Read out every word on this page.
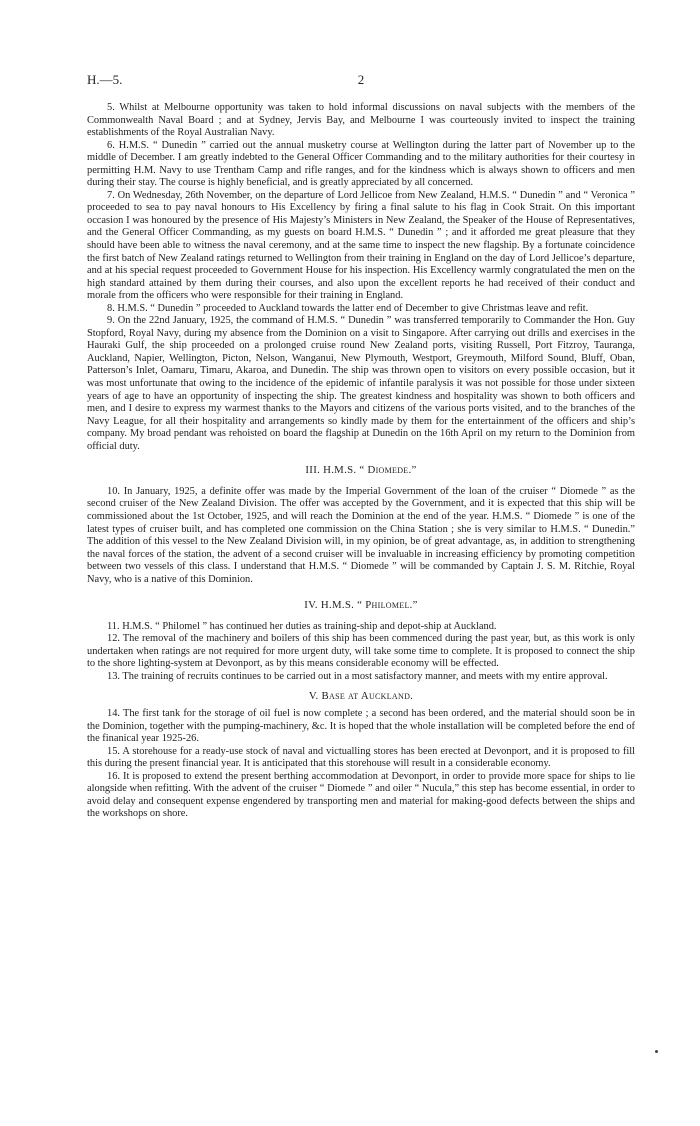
H.—5.	2

5. Whilst at Melbourne opportunity was taken to hold informal discussions on naval subjects with the members of the Commonwealth Naval Board ; and at Sydney, Jervis Bay, and Melbourne I was courteously invited to inspect the training establishments of the Royal Australian Navy.

6. H.M.S. “ Dunedin ” carried out the annual musketry course at Wellington during the latter part of November up to the middle of December. I am greatly indebted to the General Officer Commanding and to the military authorities for their courtesy in permitting H.M. Navy to use Trentham Camp and rifle ranges, and for the kindness which is always shown to officers and men during their stay. The course is highly beneficial, and is greatly appreciated by all concerned.

7. On Wednesday, 26th November, on the departure of Lord Jellicoe from New Zealand, H.M.S. “ Dunedin ” and “ Veronica ” proceeded to sea to pay naval honours to His Excellency by firing a final salute to his flag in Cook Strait. On this important occasion I was honoured by the presence of His Majesty’s Ministers in New Zealand, the Speaker of the House of Representatives, and the General Officer Commanding, as my guests on board H.M.S. “ Dunedin ” ; and it afforded me great pleasure that they should have been able to witness the naval ceremony, and at the same time to inspect the new flagship. By a fortunate coincidence the first batch of New Zealand ratings returned to Wellington from their training in England on the day of Lord Jellicoe’s departure, and at his special request proceeded to Government House for his inspection. His Excellency warmly congratulated the men on the high standard attained by them during their courses, and also upon the excellent reports he had received of their conduct and morale from the officers who were responsible for their training in England.

8. H.M.S. “ Dunedin ” proceeded to Auckland towards the latter end of December to give Christmas leave and refit.

9. On the 22nd January, 1925, the command of H.M.S. “ Dunedin ” was transferred temporarily to Commander the Hon. Guy Stopford, Royal Navy, during my absence from the Dominion on a visit to Singapore. After carrying out drills and exercises in the Hauraki Gulf, the ship proceeded on a prolonged cruise round New Zealand ports, visiting Russell, Port Fitzroy, Tauranga, Auckland, Napier, Wellington, Picton, Nelson, Wanganui, New Plymouth, Westport, Greymouth, Milford Sound, Bluff, Oban, Patterson’s Inlet, Oamaru, Timaru, Akaroa, and Dunedin. The ship was thrown open to visitors on every possible occasion, but it was most unfortunate that owing to the incidence of the epidemic of infantile paralysis it was not possible for those under sixteen years of age to have an opportunity of inspecting the ship. The greatest kindness and hospitality was shown to both officers and men, and I desire to express my warmest thanks to the Mayors and citizens of the various ports visited, and to the branches of the Navy League, for all their hospitality and arrangements so kindly made by them for the entertainment of the officers and ship’s company. My broad pendant was rehoisted on board the flagship at Dunedin on the 16th April on my return to the Dominion from official duty.

III. H.M.S. “ Diomede.”

10. In January, 1925, a definite offer was made by the Imperial Government of the loan of the cruiser “ Diomede ” as the second cruiser of the New Zealand Division. The offer was accepted by the Government, and it is expected that this ship will be commissioned about the 1st October, 1925, and will reach the Dominion at the end of the year. H.M.S. “ Diomede ” is one of the latest types of cruiser built, and has completed one commission on the China Station ; she is very similar to H.M.S. “ Dunedin.” The addition of this vessel to the New Zealand Division will, in my opinion, be of great advantage, as, in addition to strengthening the naval forces of the station, the advent of a second cruiser will be invaluable in increasing efficiency by promoting competition between two vessels of this class. I understand that H.M.S. “ Diomede ” will be commanded by Captain J. S. M. Ritchie, Royal Navy, who is a native of this Dominion.

IV. H.M.S. “ Philomel.”

11. H.M.S. “ Philomel ” has continued her duties as training-ship and depot-ship at Auckland.

12. The removal of the machinery and boilers of this ship has been commenced during the past year, but, as this work is only undertaken when ratings are not required for more urgent duty, will take some time to complete. It is proposed to connect the ship to the shore lighting-system at Devonport, as by this means considerable economy will be effected.

13. The training of recruits continues to be carried out in a most satisfactory manner, and meets with my entire approval.

V. Base at Auckland.

14. The first tank for the storage of oil fuel is now complete ; a second has been ordered, and the material should soon be in the Dominion, together with the pumping-machinery, &c. It is hoped that the whole installation will be completed before the end of the finanical year 1925-26.

15. A storehouse for a ready-use stock of naval and victualling stores has been erected at Devonport, and it is proposed to fill this during the present financial year. It is anticipated that this storehouse will result in a considerable economy.

16. It is proposed to extend the present berthing accommodation at Devonport, in order to provide more space for ships to lie alongside when refitting. With the advent of the cruiser “ Diomede ” and oiler “ Nucula,” this step has become essential, in order to avoid delay and consequent expense engendered by transporting men and material for making-good defects between the ships and the workshops on shore.
